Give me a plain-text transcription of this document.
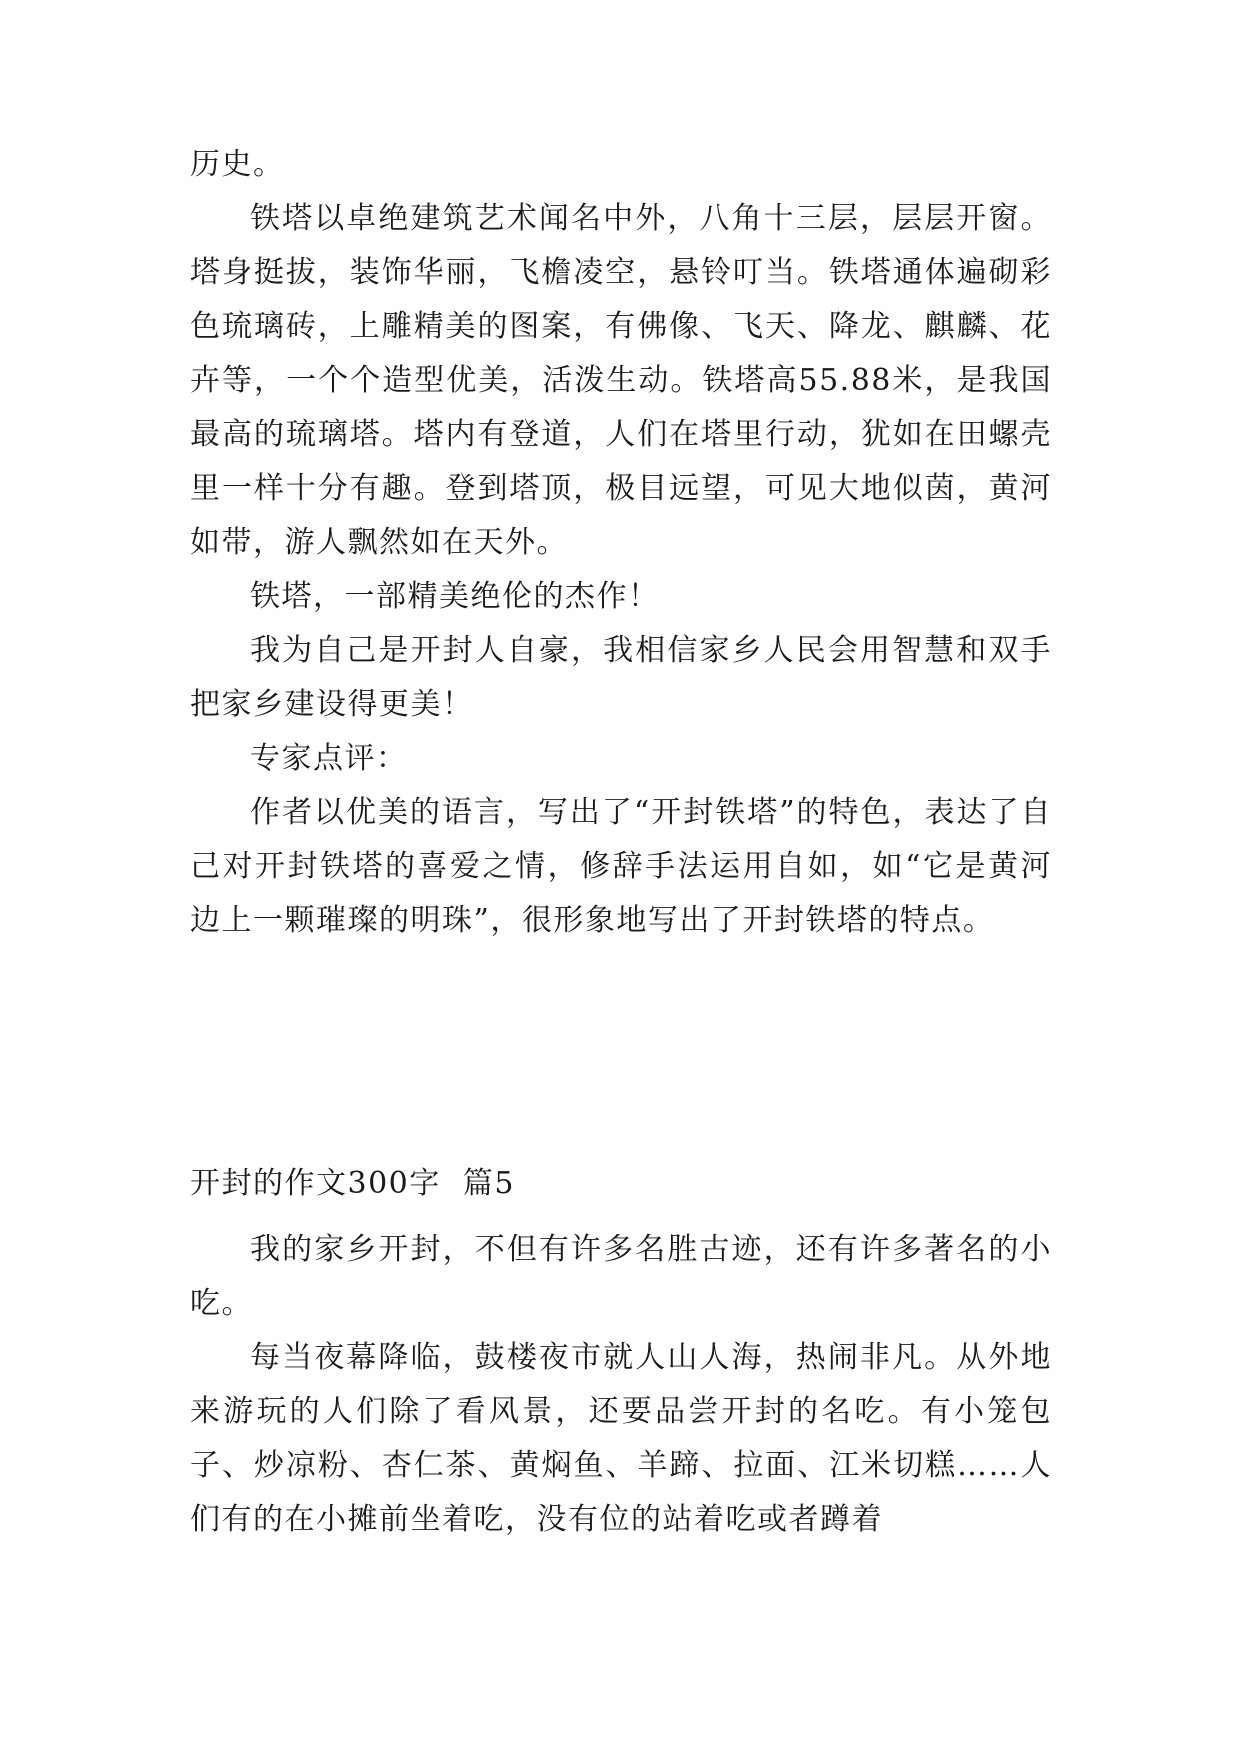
历史。

铁塔以卓绝建筑艺术闻名中外，八角十三层，层层开窗。塔身挺拔，装饰华丽，飞檐凌空，悬铃叮当。铁塔通体遍砌彩色琉璃砖，上雕精美的图案，有佛像、飞天、降龙、麒麟、花卉等，一个个造型优美，活泼生动。铁塔高55.88米，是我国最高的琉璃塔。塔内有登道，人们在塔里行动，犹如在田螺壳里一样十分有趣。登到塔顶，极目远望，可见大地似茵，黄河如带，游人飘然如在天外。

铁塔，一部精美绝伦的杰作！

我为自己是开封人自豪，我相信家乡人民会用智慧和双手把家乡建设得更美！

专家点评：

作者以优美的语言，写出了“开封铁塔”的特色，表达了自己对开封铁塔的喜爱之情，修辞手法运用自如，如“它是黄河边上一颗璀璨的明珠”，很形象地写出了开封铁塔的特点。

开封的作文300字  篇5

我的家乡开封，不但有许多名胜古迹，还有许多著名的小吃。

每当夜幕降临，鼓楼夜市就人山人海，热闹非凡。从外地来游玩的人们除了看风景，还要品尝开封的名吃。有小笼包子、炒凉粉、杏仁茶、黄焖鱼、羊蹄、拉面、江米切糕……人们有的在小摊前坐着吃，没有位的站着吃或者蹲着
